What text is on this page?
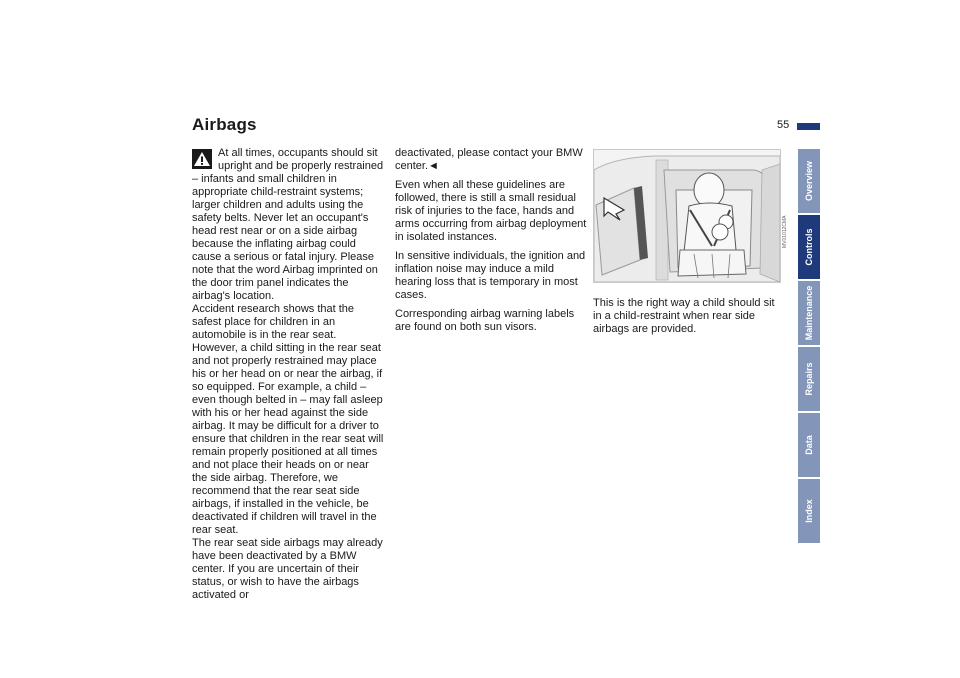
Airbags	55
Overview
Controls
Maintenance
Repairs
Data
Index

At all times, occupants should sit upright and be properly restrained – infants and small children in appropriate child-restraint systems; larger children and adults using the safety belts. Never let an occupant's head rest near or on a side airbag because the inflating airbag could cause a serious or fatal injury. Please note that the word Airbag imprinted on the door trim panel indicates the airbag's location.

Accident research shows that the safest place for children in an automobile is in the rear seat. However, a child sitting in the rear seat and not properly restrained may place his or her head on or near the airbag, if so equipped. For example, a child – even though belted in – may fall asleep with his or her head against the side airbag. It may be difficult for a driver to ensure that children in the rear seat will remain properly positioned at all times and not place their heads on or near the side airbag. Therefore, we recommend that the rear seat side airbags, if installed in the vehicle, be deactivated if children will travel in the rear seat.

The rear seat side airbags may already have been deactivated by a BMW center. If you are uncertain of their status, or wish to have the airbags activated or

deactivated, please contact your BMW center.◄

Even when all these guidelines are followed, there is still a small residual risk of injuries to the face, hands and arms occurring from airbag deployment in isolated instances.

In sensitive individuals, the ignition and inflation noise may induce a mild hearing loss that is temporary in most cases.

Corresponding airbag warning labels are found on both sun visors.

MV01012CMA

This is the right way a child should sit in a child-restraint when rear side airbags are provided.
